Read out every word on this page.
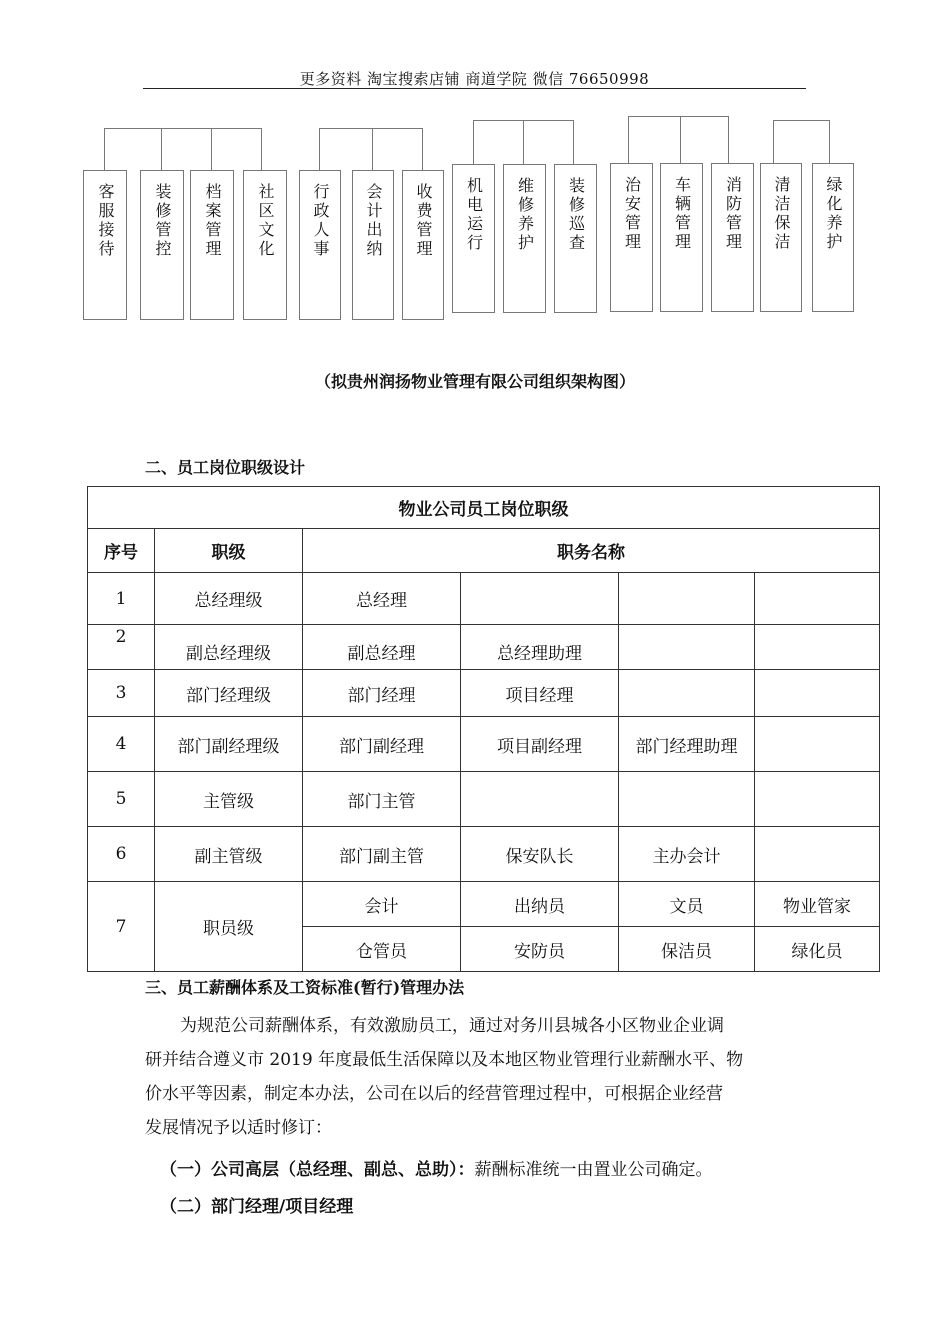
更多资料 淘宝搜索店铺 商道学院 微信 76650998
客服接待	装修管控	档案管理	社区文化	行政人事	会计出纳	收费管理	机电运行	维修养护	装修巡查	治安管理	车辆管理	消防管理	清洁保洁	绿化养护
（拟贵州润扬物业管理有限公司组织架构图）
二、员工岗位职级设计
物业公司员工岗位职级					
序号	职级	职务名称			
1	总经理级	总经理			
2	副总经理级	副总经理	总经理助理		
3	部门经理级	部门经理	项目经理		
4	部门副经理级	部门副经理	项目副经理	部门经理助理	
5	主管级	部门主管			
6	副主管级	部门副主管	保安队长	主办会计	
7	职员级	会计	出纳员	文员	物业管家
		仓管员	安防员	保洁员	绿化员
三、员工薪酬体系及工资标准(暂行)管理办法
为规范公司薪酬体系，有效激励员工，通过对务川县城各小区物业企业调
研并结合遵义市 2019 年度最低生活保障以及本地区物业管理行业薪酬水平、物
价水平等因素，制定本办法，公司在以后的经营管理过程中，可根据企业经营
发展情况予以适时修订：
（一）公司高层（总经理、副总、总助）：薪酬标准统一由置业公司确定。
（二）部门经理/项目经理
